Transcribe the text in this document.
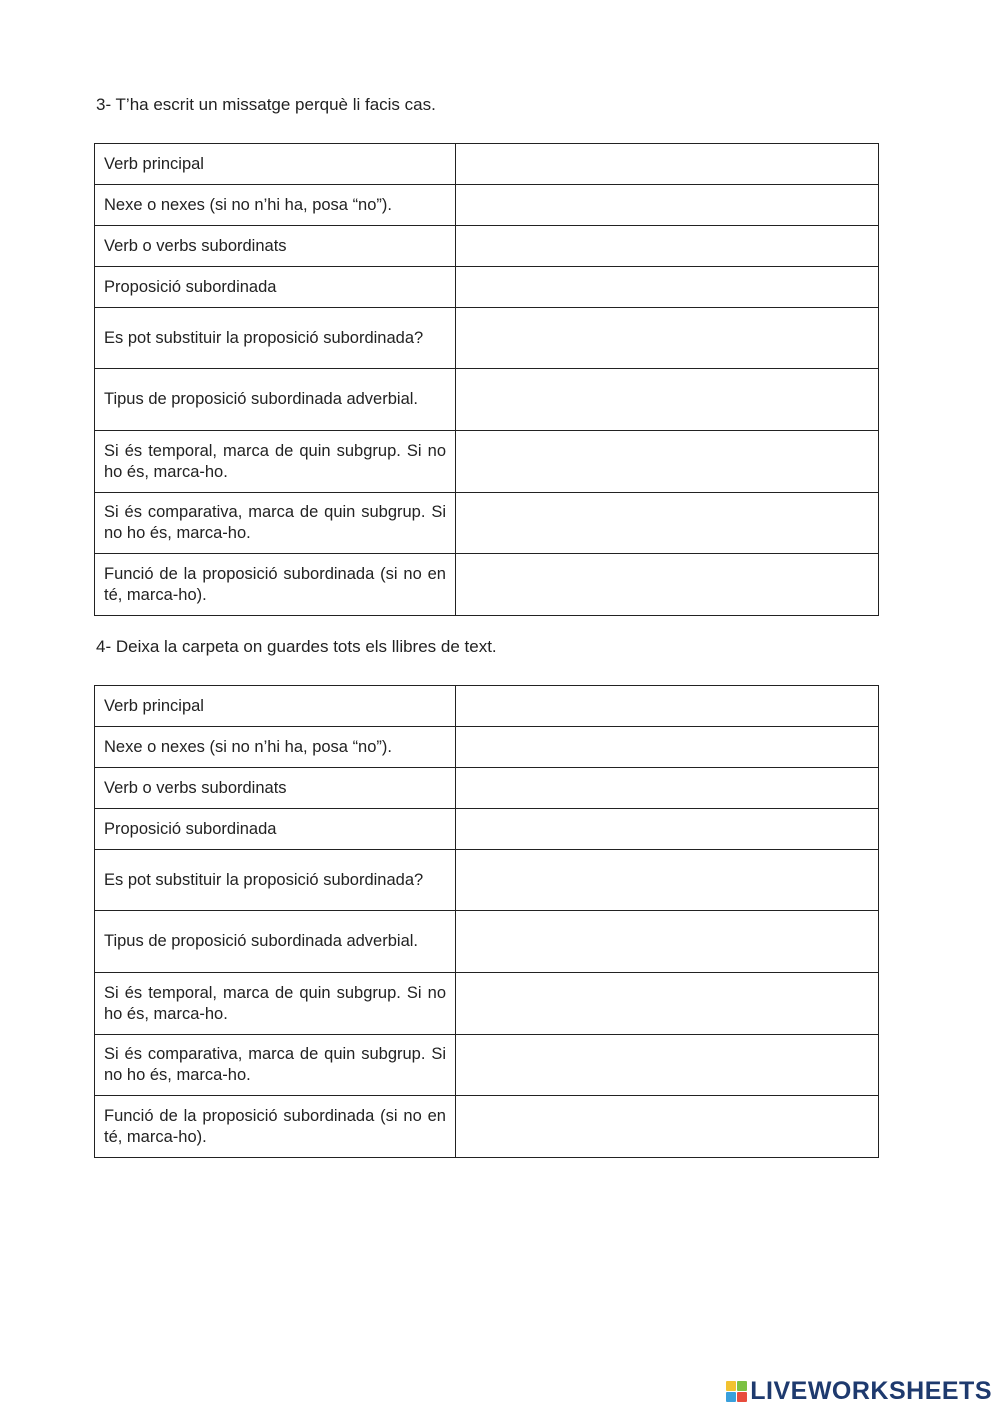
3- T’ha escrit un missatge perquè li facis cas.
Verb principal	
Nexe o nexes (si no n’hi ha, posa “no”).	
Verb o verbs subordinats	
Proposició subordinada	
Es pot substituir la proposició subordinada?	
Tipus de proposició subordinada adverbial.	
Si és temporal, marca de quin subgrup. Si no ho és, marca-ho.	
Si és comparativa, marca de quin subgrup. Si no ho és, marca-ho.	
Funció de la proposició subordinada (si no en té, marca-ho).	
4- Deixa la carpeta on guardes tots els llibres de text.
Verb principal	
Nexe o nexes (si no n’hi ha, posa “no”).	
Verb o verbs subordinats	
Proposició subordinada	
Es pot substituir la proposició subordinada?	
Tipus de proposició subordinada adverbial.	
Si és temporal, marca de quin subgrup. Si no ho és, marca-ho.	
Si és comparativa, marca de quin subgrup. Si no ho és, marca-ho.	
Funció de la proposició subordinada (si no en té, marca-ho).	
LIVEWORKSHEETS
